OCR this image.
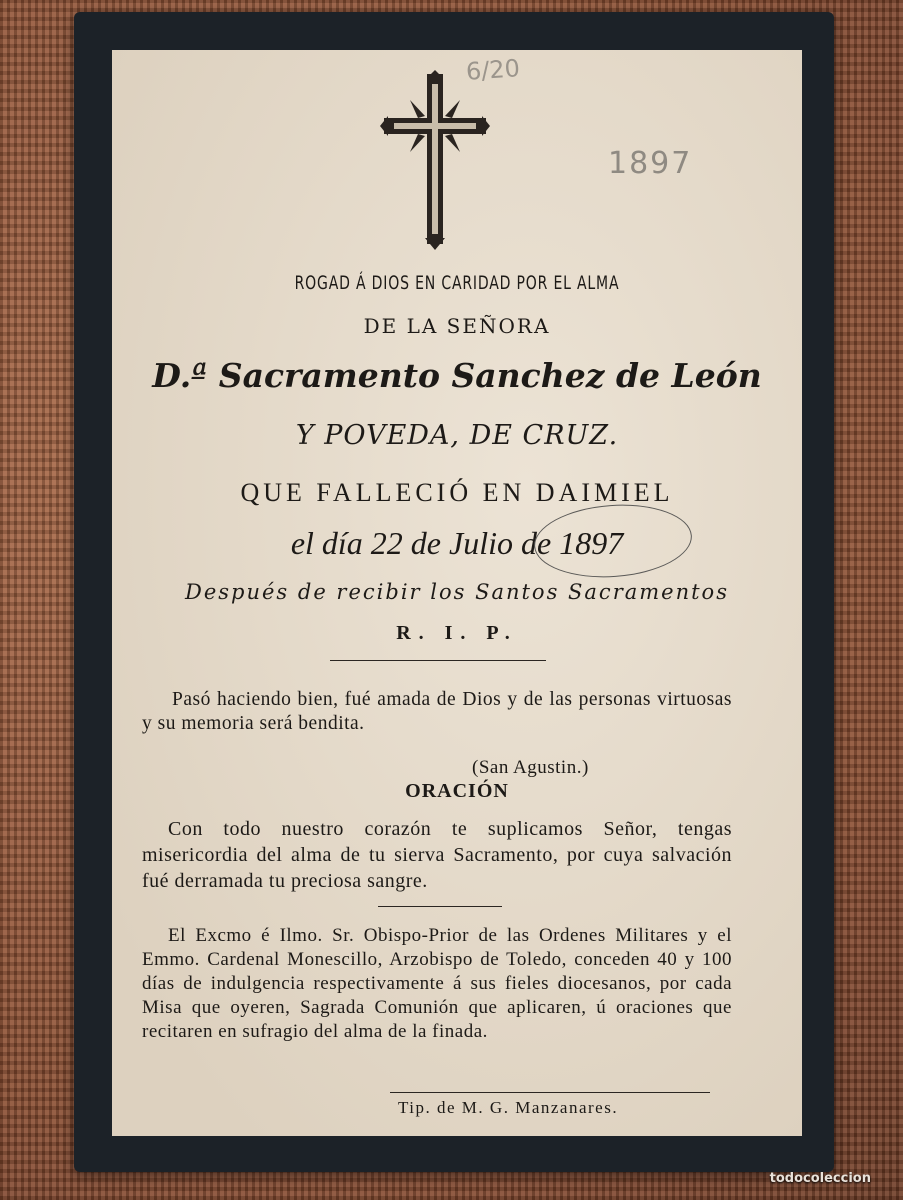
6/20
1897
ROGAD Á DIOS EN CARIDAD POR EL ALMA
DE LA SEÑORA
D.ª Sacramento Sanchez de León
Y POVEDA, DE CRUZ.
QUE FALLECIÓ EN DAIMIEL
el día 22 de Julio de 1897
Después de recibir los Santos Sacramentos
R. I. P.
Pasó haciendo bien, fué amada de Dios y de las personas virtuosas y su memoria será bendita.
(San Agustin.)
ORACIÓN
Con todo nuestro corazón te suplicamos Señor, tengas misericordia del alma de tu sierva Sacramento, por cuya salvación fué derramada tu preciosa sangre.
El Excmo é Ilmo. Sr. Obispo-Prior de las Ordenes Militares y el Emmo. Cardenal Monescillo, Arzobispo de Toledo, conceden 40 y 100 días de indulgencia respectivamente á sus fieles diocesanos, por cada Misa que oyeren, Sagrada Comunión que aplicaren, ú oraciones que recitaren en sufragio del alma de la finada.
Tip. de M. G. Manzanares.
todocoleccion
